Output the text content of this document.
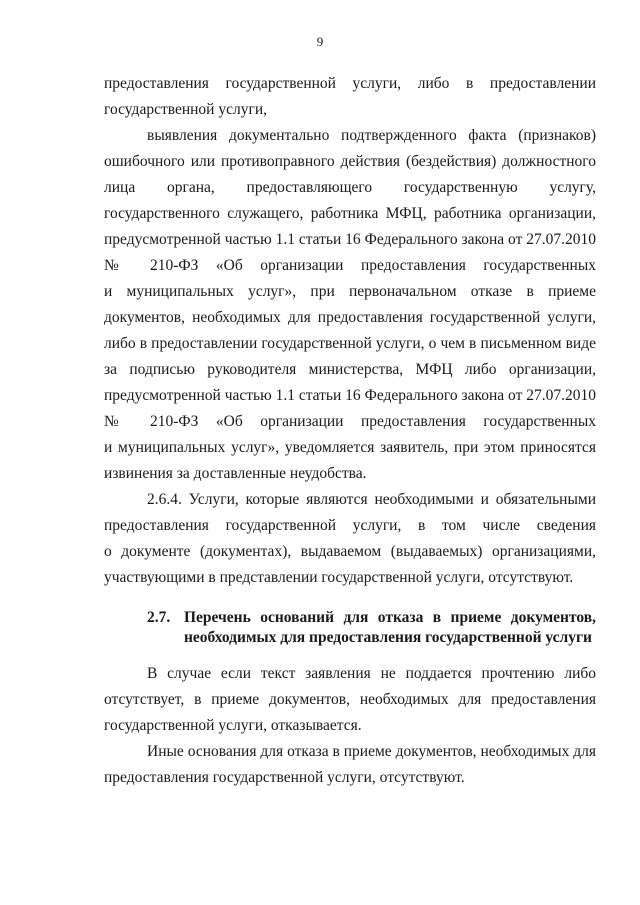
9
предоставления государственной услуги, либо в предоставлении
государственной услуги,
выявления документально подтвержденного факта (признаков)
ошибочного или противоправного действия (бездействия) должностного
лица органа, предоставляющего государственную услугу,
государственного служащего, работника МФЦ, работника организации,
предусмотренной частью 1.1 статьи 16 Федерального закона от 27.07.2010
№ 210-ФЗ «Об организации предоставления государственных
и муниципальных услуг», при первоначальном отказе в приеме
документов, необходимых для предоставления государственной услуги,
либо в предоставлении государственной услуги, о чем в письменном виде
за подписью руководителя министерства, МФЦ либо организации,
предусмотренной частью 1.1 статьи 16 Федерального закона от 27.07.2010
№ 210-ФЗ «Об организации предоставления государственных
и муниципальных услуг», уведомляется заявитель, при этом приносятся
извинения за доставленные неудобства.
2.6.4. Услуги, которые являются необходимыми и обязательными
предоставления государственной услуги, в том числе сведения
о документе (документах), выдаваемом (выдаваемых) организациями,
участвующими в представлении государственной услуги, отсутствуют.
2.7. Перечень оснований для отказа в приеме документов,
необходимых для предоставления государственной услуги
В случае если текст заявления не поддается прочтению либо
отсутствует, в приеме документов, необходимых для предоставления
государственной услуги, отказывается.
Иные основания для отказа в приеме документов, необходимых для
предоставления государственной услуги, отсутствуют.
